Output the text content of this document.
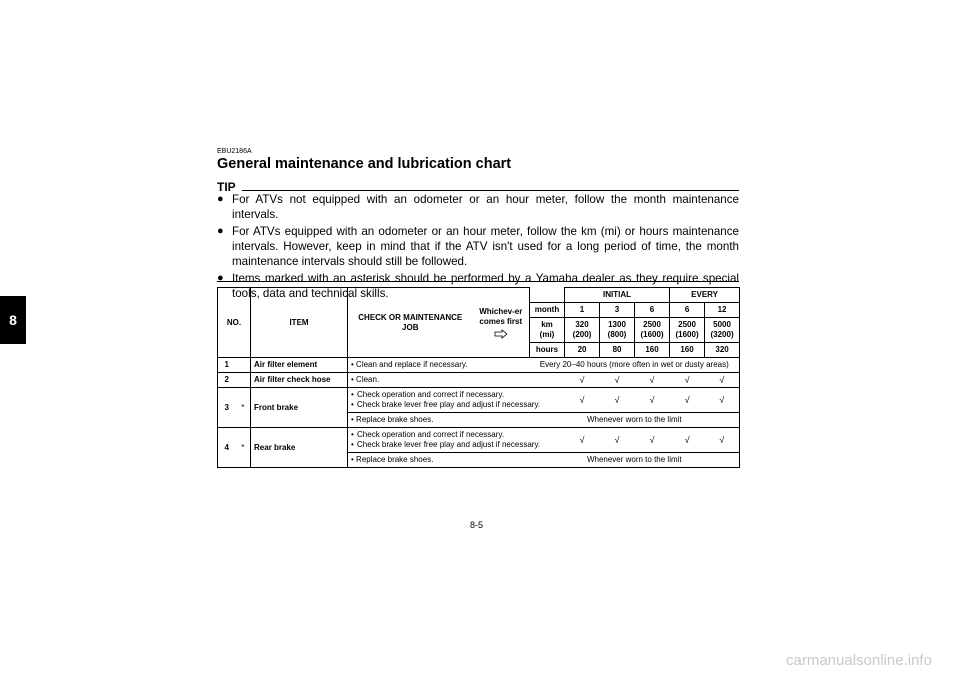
8
EBU2186A
General maintenance and lubrication chart
TIP
● For ATVs not equipped with an odometer or an hour meter, follow the month maintenance intervals.
● For ATVs equipped with an odometer or an hour meter, follow the km (mi) or hours maintenance intervals. However, keep in mind that if the ATV isn't used for a long period of time, the month maintenance intervals should still be followed.
● Items marked with an asterisk should be performed by a Yamaha dealer as they require special tools, data and technical skills.
NO.		ITEM	CHECK OR MAINTENANCE JOB	Whichev-er comes first		INITIAL			EVERY	
					month	1	3	6	6	12
					km (mi)	320 (200)	1300 (800)	2500 (1600)	2500 (1600)	5000 (3200)
					hours	20	80	160	160	320
1		Air filter element	• Clean and replace if necessary.		Every 20–40 hours (more often in wet or dusty areas)					
2		Air filter check hose	• Clean.			√	√	√	√	√
3	*	Front brake	• Check operation and correct if necessary.
• Check brake lever free play and adjust if necessary.			√	√	√	√	√
			• Replace brake shoes.		Whenever worn to the limit					
4	*	Rear brake	• Check operation and correct if necessary.
• Check brake lever free play and adjust if necessary.			√	√	√	√	√
			• Replace brake shoes.		Whenever worn to the limit					
8-5
carmanualsonline.info
